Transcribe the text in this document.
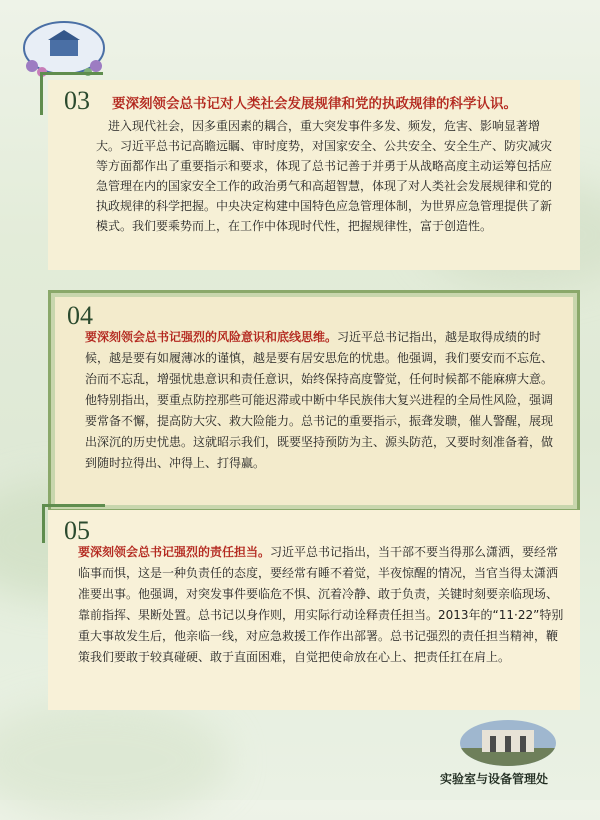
03 要深刻领会总书记对人类社会发展规律和党的执政规律的科学认识。
进入现代社会，因多重因素的耦合，重大突发事件多发、频发，危害、影响显著增大。习近平总书记高瞻远瞩、审时度势，对国家安全、公共安全、安全生产、防灾减灾等方面都作出了重要指示和要求，体现了总书记善于并勇于从战略高度主动运筹包括应急管理在内的国家安全工作的政治勇气和高超智慧，体现了对人类社会发展规律和党的执政规律的科学把握。中央决定构建中国特色应急管理体制，为世界应急管理提供了新模式。我们要乘势而上，在工作中体现时代性，把握规律性，富于创造性。
04
要深刻领会总书记强烈的风险意识和底线思维。习近平总书记指出，越是取得成绩的时候，越是要有如履薄冰的谨慎，越是要有居安思危的忧患。他强调，我们要安而不忘危、治而不忘乱，增强忧患意识和责任意识，始终保持高度警觉，任何时候都不能麻痹大意。他特别指出，要重点防控那些可能迟滞或中断中华民族伟大复兴进程的全局性风险，强调要常备不懈，提高防大灾、救大险能力。总书记的重要指示，振聋发聩，催人警醒，展现出深沉的历史忧患。这就昭示我们，既要坚持预防为主、源头防范，又要时刻准备着，做到随时拉得出、冲得上、打得赢。
05
要深刻领会总书记强烈的责任担当。习近平总书记指出，当干部不要当得那么潇洒，要经常临事而惧，这是一种负责任的态度，要经常有睡不着觉，半夜惊醒的情况，当官当得太潇洒准要出事。他强调，对突发事件要临危不惧、沉着冷静、敢于负责，关键时刻要亲临现场、靠前指挥、果断处置。总书记以身作则，用实际行动诠释责任担当。2013年的“11·22”特别重大事故发生后，他亲临一线，对应急救援工作作出部署。总书记强烈的责任担当精神，鞭策我们要敢于较真碰硬、敢于直面困难，自觉把使命放在心上、把责任扛在肩上。
实验室与设备管理处
